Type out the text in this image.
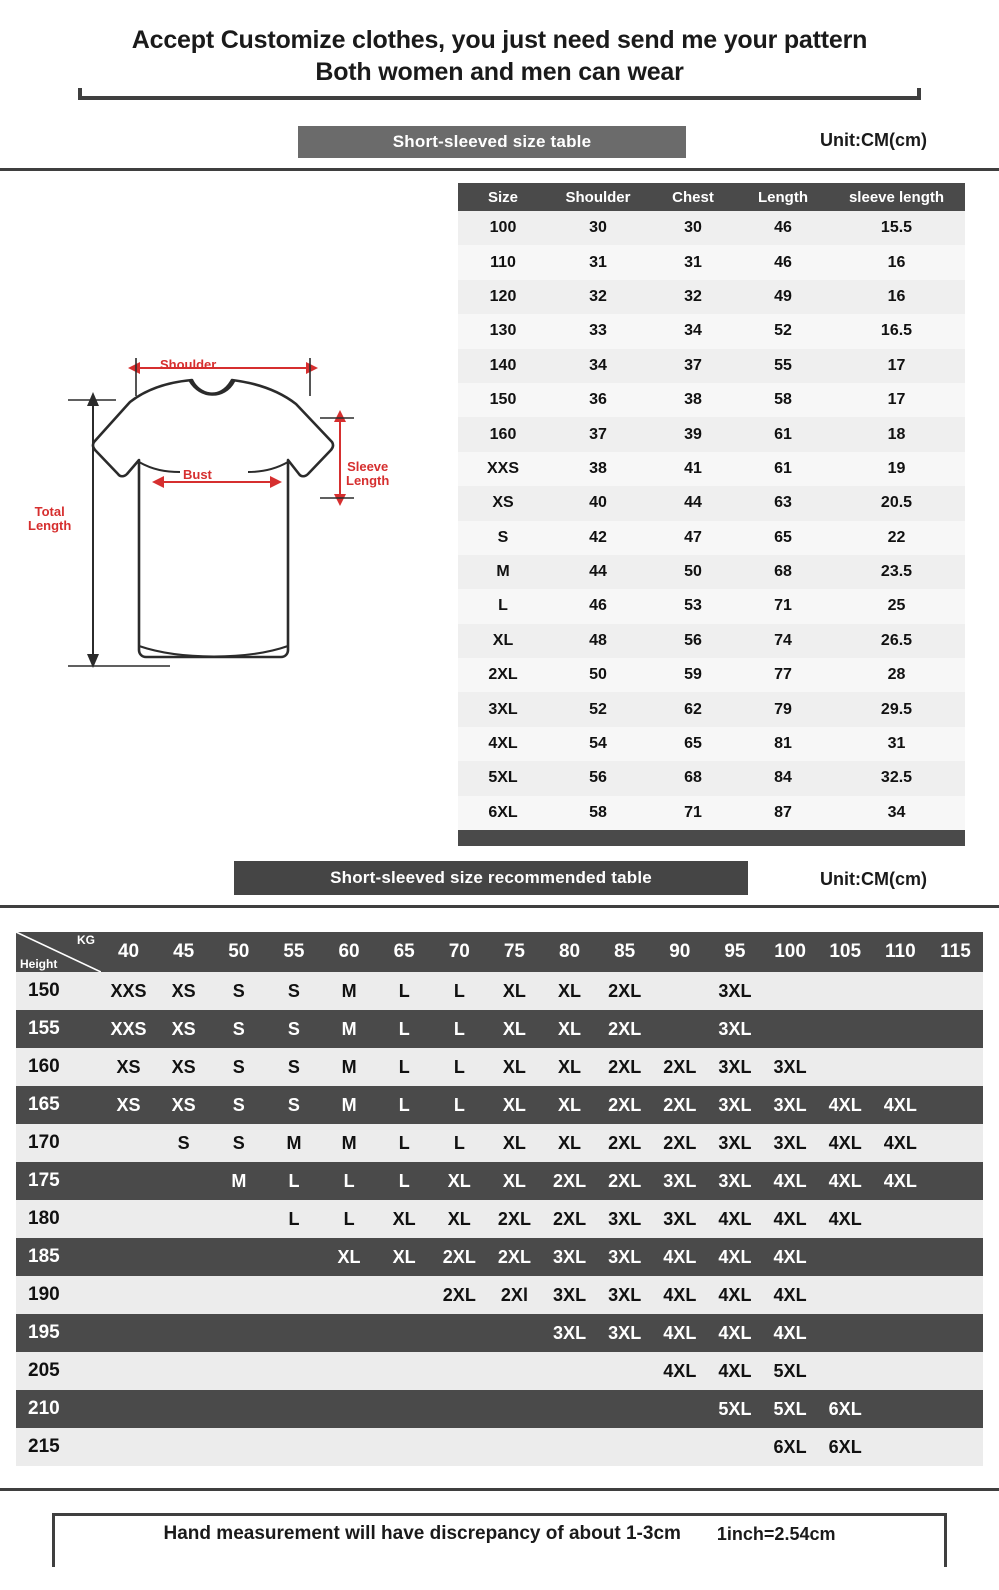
Accept Customize clothes, you just need send me your pattern
Both women and men can wear
Short-sleeved size table	Unit:CM(cm)
Shoulder
Bust
Sleeve
Length
Total
Length
Size	Shoulder	Chest	Length	sleeve length
100	30	30	46	15.5
110	31	31	46	16
120	32	32	49	16
130	33	34	52	16.5
140	34	37	55	17
150	36	38	58	17
160	37	39	61	18
XXS	38	41	61	19
XS	40	44	63	20.5
S	42	47	65	22
M	44	50	68	23.5
L	46	53	71	25
XL	48	56	74	26.5
2XL	50	59	77	28
3XL	52	62	79	29.5
4XL	54	65	81	31
5XL	56	68	84	32.5
6XL	58	71	87	34
Short-sleeved size recommended table	Unit:CM(cm)
KG
Height	40	45	50	55	60	65	70	75	80	85	90	95	100	105	110	115
150	XXS	XS	S	S	M	L	L	XL	XL	2XL		3XL				
155	XXS	XS	S	S	M	L	L	XL	XL	2XL		3XL				
160	XS	XS	S	S	M	L	L	XL	XL	2XL	2XL	3XL	3XL			
165	XS	XS	S	S	M	L	L	XL	XL	2XL	2XL	3XL	3XL	4XL	4XL	
170		S	S	M	M	L	L	XL	XL	2XL	2XL	3XL	3XL	4XL	4XL	
175			M	L	L	L	XL	XL	2XL	2XL	3XL	3XL	4XL	4XL	4XL	
180				L	L	XL	XL	2XL	2XL	3XL	3XL	4XL	4XL	4XL		
185					XL	XL	2XL	2XL	3XL	3XL	4XL	4XL	4XL			
190							2XL	2Xl	3XL	3XL	4XL	4XL	4XL			
195									3XL	3XL	4XL	4XL	4XL			
205											4XL	4XL	5XL			
210												5XL	5XL	6XL		
215													6XL	6XL		
Hand measurement will have discrepancy of about 1-3cm 1inch=2.54cm
